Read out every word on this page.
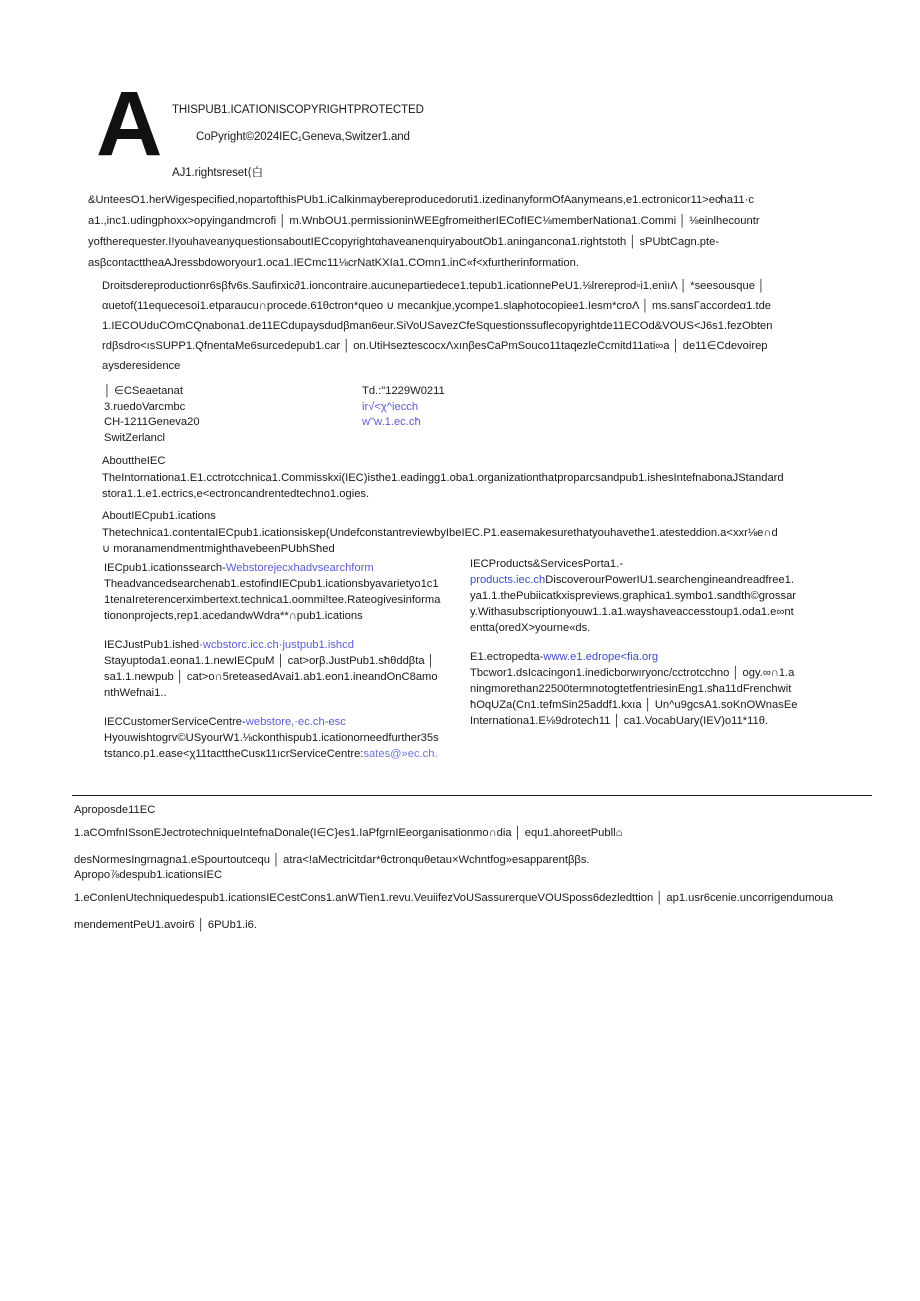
A THISPUB1.ICATIONISCOPYRIGHTPROTECTED
CoPyright©2024IEC₁Geneva,Switzer1.and
AJ1.rightsreset⟨白
&UnteesO1.herWigespecified,nopartofthisPUb1.iCalkinmaybereproducedoruti1.izedinanyformOfAanymeans,e1.ectronicor11>ec̸ha11·c
a1.,inc1.udingphoxx>opyingandmcrofi │ m.WnbOU1.permissioninWEEgfromeitherIECofIEC⅛memberNationa1.Commi │ ⅛einlhecountr
yoftherequester.I!youhaveanyquestionsaboutIECcopyrightαhaveanenquiryaboutOb1.aningancona1.rightstoth │ sPUbtCagn.pte-
asβcontacttheaAJressbdoworyour1.oca1.IECmc11⅛crNatKXIa1.COmn1.inC«f<xfurtherinformation.
Droitsdereproductionr6sβfv6s.Saufirxic∂1.ioncontraire.aucunepartiedece1.tepub1.icationnePeU1.⅛lrereprod▫i1.eniıΛ │ *seesousque │
αuetof(11equecesoi1.etparaucu∩procede.61θctron*queo ∪ mecankjue,ycompe1.slaᵽhotocopiee1.Iesm*croΛ │ ms.sansΓaccordeα1.tde
1.IECOUduCOmCQnabona1.de11ECdupaysdudβman6eur.SiVoUSavezCfeSquestionssuflecopyrightde11ECOd&VOUS<J6s1.fezObten
rdβsdro<ısSUPP1.QfnentaMe6surcedepub1.car │ on.UtiHseztescocxΛxınβesCaPmSouco11taqezleCcmitd11ati∞a │ de11∈Cdevoirep
aysderesidence
│ ∈CSeaetanat
3.ruedoVarcmbc
CH-1211Geneva20
SwitZerlancl
Td.:"1229W0211
ir√<χ^iecch
w"w.1.ec.cħ
AbouttheIEC
TheIntornationa1.E1.cctrotcchnica1.Commisskxi(IEC)isthe1.eadingg1.oba1.organizationthatproparcsandpub1.ishesIntefnabonaJStandard
stora1.1.e1.ectrics,e<ectroncandrentedtechno1.ogies.
AboutIECpub1.ications
Thetechnica1.contentaIECpub1.icationsiskep(UndefconstantreviewbyIbeIEC.P1.easemakesurethatyouhavethe1.atesteddion.a<xxr⅛e∩d
∪ moranamendmentmighthavebeenPUbhSħed
IECpub1.icationssearch-Webstorejecxhadvsearchform
Theadvancedsearchenab1.estofindIECpub1.icationsbyavarietyo1c1
1tenaIreterencerximbertext.technica1.oommi!tee.Rateogivesinforma
tiononprojects,rep1.acedandwWdra**∩pub1.ications
IECJustPub1.ished·wcbstorc.icc.ch·justpub1.ishcd
Stayuptoda1.eona1.1.newIECpuM │ cat>orβ.JustPub1.sħθddβta │
sa1.1.newpub │ cat>o∩5reteasedAvai1.ab1.eon1.ineandOnC8amo
nthWefnai1..
IECCustomerServiceCentre-webstore,·ec.ch-esc
Hyouwishtogrv©USyourW1.⅛ckonthispub1.icationorneedfurther35s
tstanco.p1.ease<χ11tacttheCusк11ıcrServiceCentre:sates@»ec.ch.
IECProducts&ServicesPorta1.-
products.iec.chDiscoverourPowerIU1.searchengineandreadfree1.
ya1.1.thePubiicatkxispreviews.graphica1.symbo1.sandth©grossar
y.Withasubscriptionyouw1.1.a1.wayshaveaccesstoup1.oda1.e∞nt
entta(oredX>yourne«ds.
E1.ectropedta-www.e1.edrope<fia.org
Tbcwor1.dsIcacingon1.inedicborwıryonc/cctrotcchno │ ogy.∞∩1.a
ningmorethan22500termnotogtetfentriesinEng1.sħa11dFrenchwit
ħOqUZa(Cn1.tefmSin25addf1.kxıa │ Un^u9gcsA1.soKnOWnasEe
Internationa1.E⅛9drotech11 │ ca1.VocabUary(IEV)o11*11θ.
Aproposde11EC
1.aCOmfnISsonEJectrotechniqueIntefnaDonale(I∈C}es1.IaPfgrnIEeorganisationmo∩dia │ equ1.ahoreetPubll⌂
desNormesIngrnagna1.eSpourtoutcequ │ atra<!aMectricitdar*θctronquθetau×Wchntfog»esapparentββs.
Apropo⅞despub1.icationsIEC
1.eConIenUtechniquedespub1.icationsIECestCons1.anWTien1.revu.VeuiifezVoUSassurerqueVOUSposs6dezledttion │ ap1.usr6cenie.uncorrigendumoua
mendementPeU1.avoir6 │ 6PUb1.i6.
